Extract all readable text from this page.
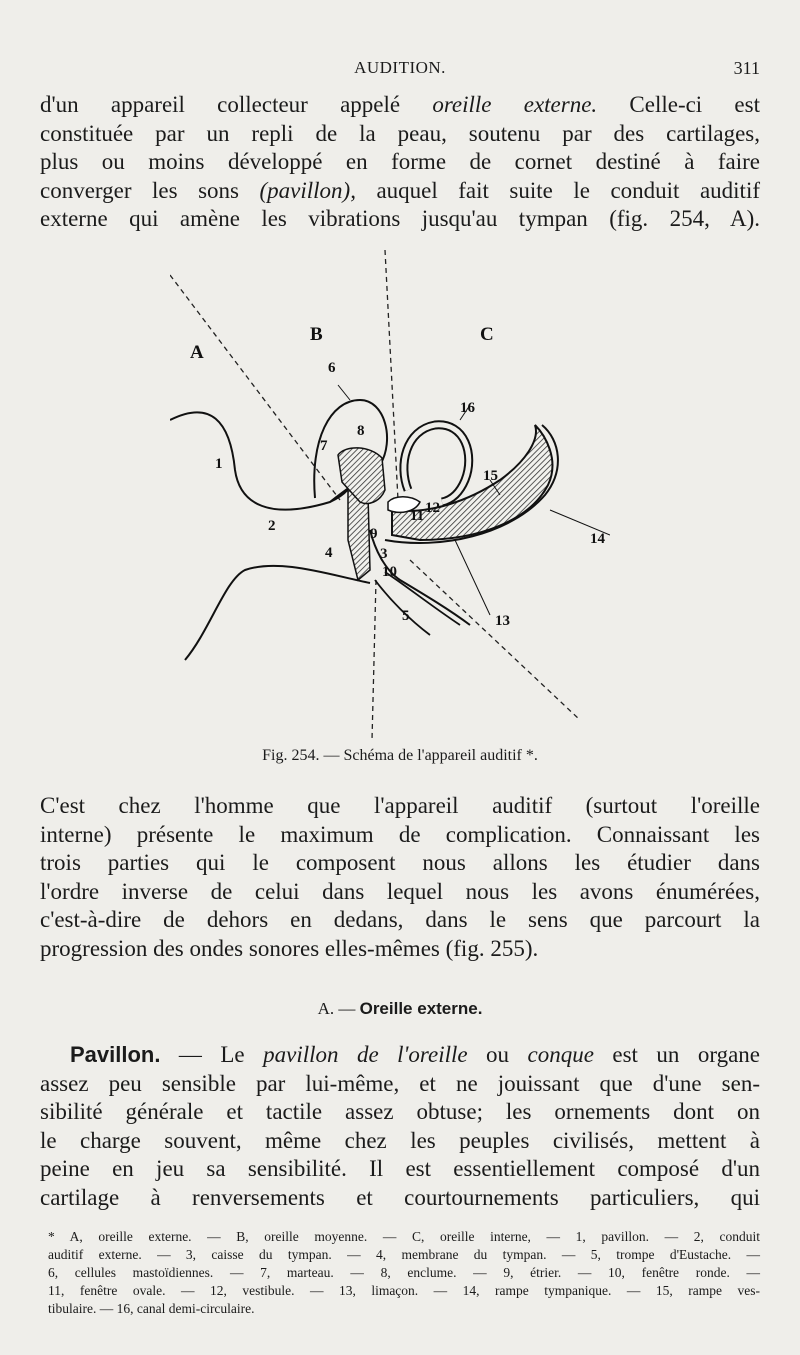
AUDITION.	311
d'un appareil collecteur appelé oreille externe. Celle-ci est
constituée par un repli de la peau, soutenu par des cartilages,
plus ou moins développé en forme de cornet destiné à faire
converger les sons (pavillon), auquel fait suite le conduit auditif
externe qui amène les vibrations jusqu'au tympan (fig. 254, A).
A
B	C
1
2
3
4
5
6
7
8
9
10
11 12
13
14
15
16
Fig. 254. — Schéma de l'appareil auditif *.
C'est chez l'homme que l'appareil auditif (surtout l'oreille
interne) présente le maximum de complication. Connaissant les
trois parties qui le composent nous allons les étudier dans
l'ordre inverse de celui dans lequel nous les avons énumérées,
c'est-à-dire de dehors en dedans, dans le sens que parcourt la
progression des ondes sonores elles-mêmes (fig. 255).
A. — Oreille externe.
Pavillon. — Le pavillon de l'oreille ou conque est un organe
assez peu sensible par lui-même, et ne jouissant que d'une sen-
sibilité générale et tactile assez obtuse; les ornements dont on
le charge souvent, même chez les peuples civilisés, mettent à
peine en jeu sa sensibilité. Il est essentiellement composé d'un
cartilage à renversements et courtournements particuliers, qui
* A, oreille externe. — B, oreille moyenne. — C, oreille interne, — 1, pavillon. — 2, conduit
auditif externe. — 3, caisse du tympan. — 4, membrane du tympan. — 5, trompe d'Eustache. —
6, cellules mastoïdiennes. — 7, marteau. — 8, enclume. — 9, étrier. — 10, fenêtre ronde. —
11, fenêtre ovale. — 12, vestibule. — 13, limaçon. — 14, rampe tympanique. — 15, rampe ves-
tibulaire. — 16, canal demi-circulaire.
